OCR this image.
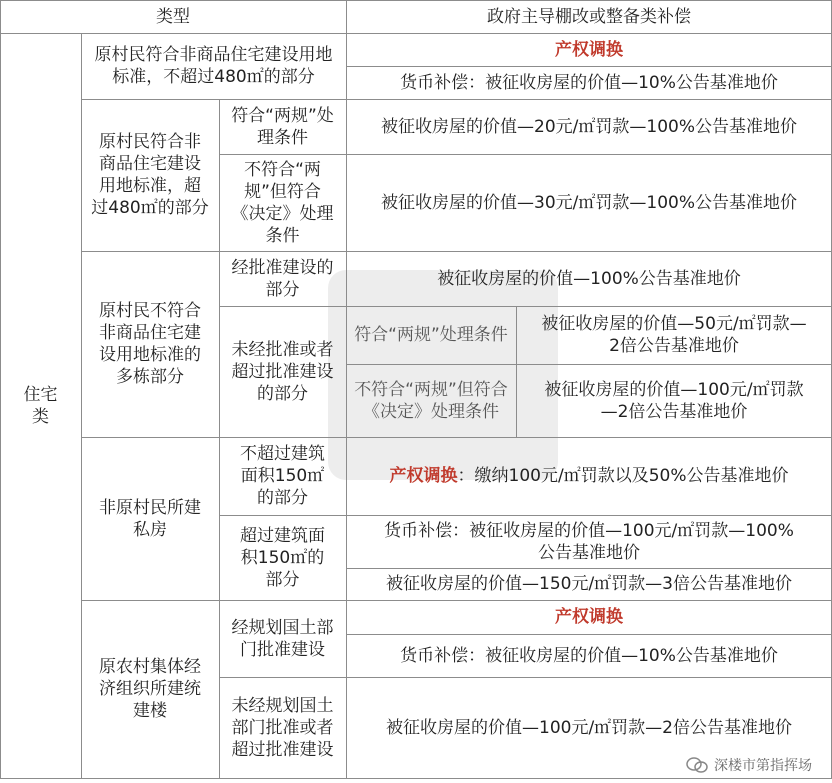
类型	政府主导棚改或整备类补偿
住宅类
原村民符合非商品住宅建设用地标准，不超过480㎡的部分
产权调换
货币补偿：被征收房屋的价值—10%公告基准地价
原村民符合非商品住宅建设用地标准，超过480㎡的部分
符合“两规”处理条件
被征收房屋的价值—20元/㎡罚款—100%公告基准地价
不符合“两规”但符合《决定》处理条件
被征收房屋的价值—30元/㎡罚款—100%公告基准地价
原村民不符合非商品住宅建设用地标准的多栋部分
经批准建设的部分
被征收房屋的价值—100%公告基准地价
未经批准或者超过批准建设的部分
符合“两规”处理条件
被征收房屋的价值—50元/㎡罚款—2倍公告基准地价
不符合“两规”但符合《决定》处理条件
被征收房屋的价值—100元/㎡罚款—2倍公告基准地价
非原村民所建私房
不超过建筑面积150㎡的部分
产权调换 ：缴纳100元/㎡罚款以及50%公告基准地价
超过建筑面积150㎡的部分
货币补偿：被征收房屋的价值—100元/㎡罚款—100%公告基准地价
被征收房屋的价值—150元/㎡罚款—3倍公告基准地价
原农村集体经济组织所建统建楼
经规划国土部门批准建设
产权调换
货币补偿：被征收房屋的价值—10%公告基准地价
未经规划国土部门批准或者超过批准建设
被征收房屋的价值—100元/㎡罚款—2倍公告基准地价
深楼市第指挥场
